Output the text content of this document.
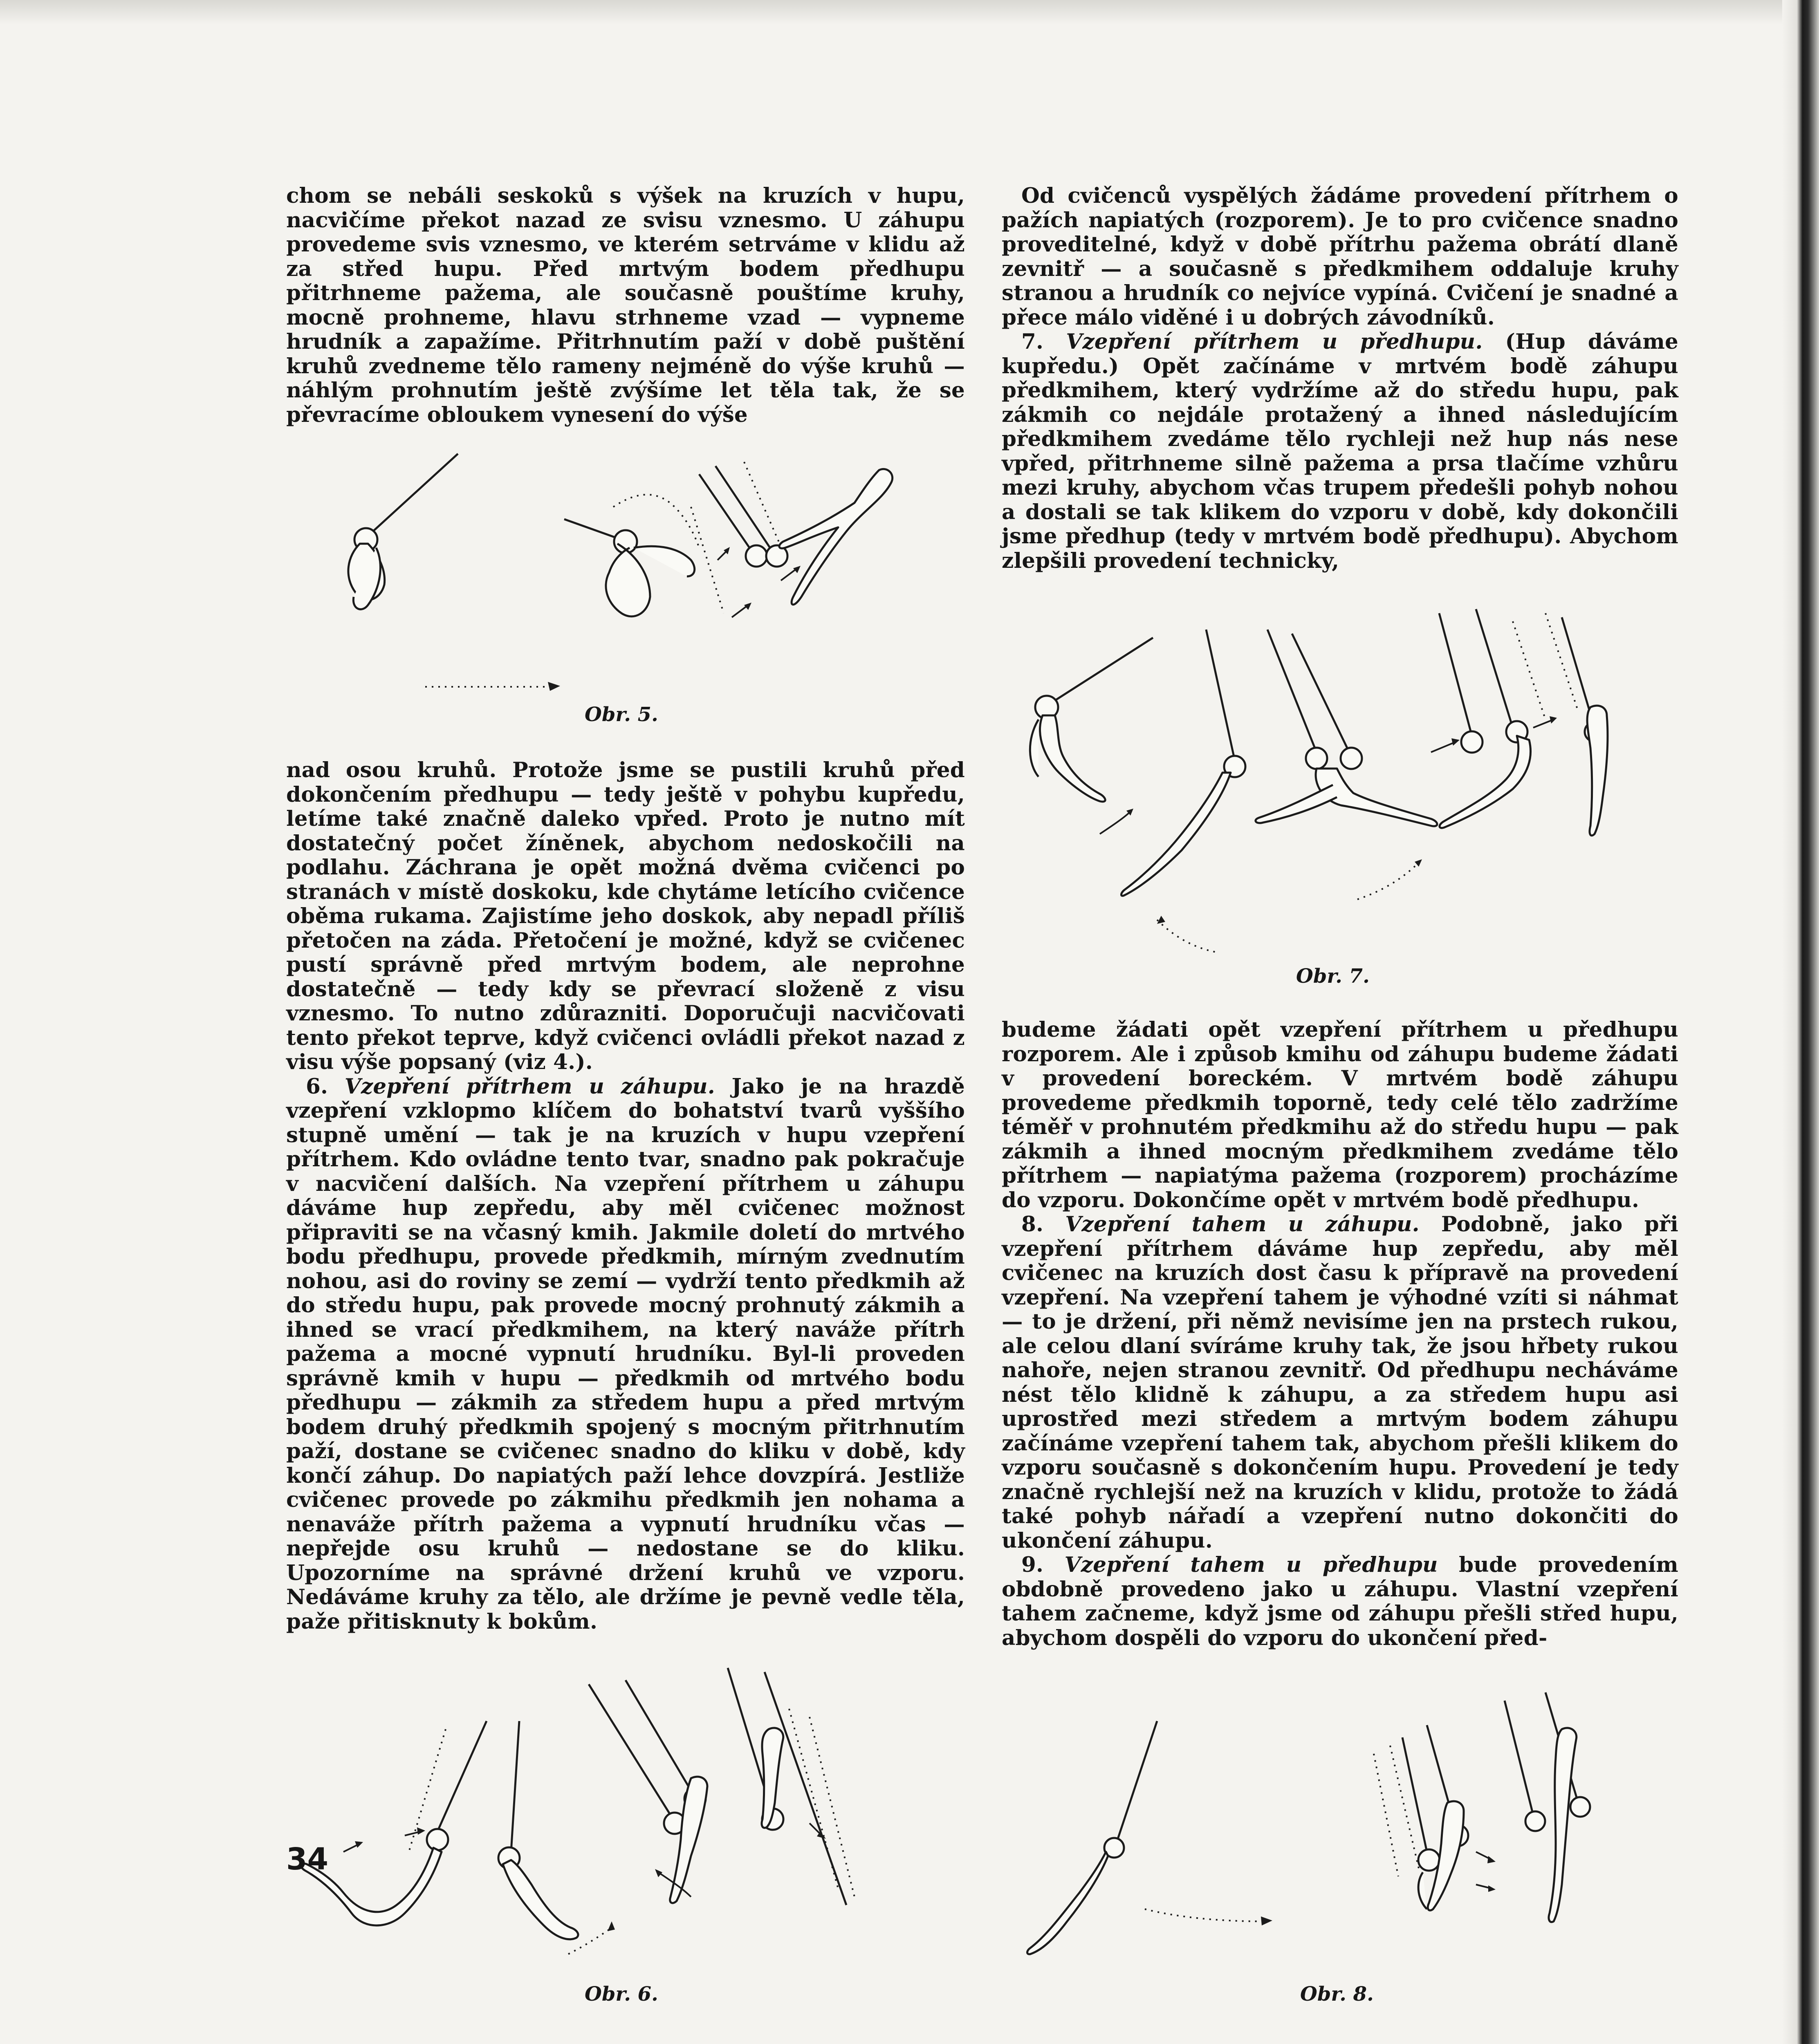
chom se nebáli seskoků s výšek na kruzích v hupu, nacvičíme překot nazad ze svisu vznesmo. U záhupu provedeme svis vznesmo, ve kterém setrváme v klidu až za střed hupu. Před mrtvým bodem předhupu přitrhneme pažema, ale současně pouštíme kruhy, mocně prohneme, hlavu strhneme vzad — vypneme hrudník a zapažíme. Přitrhnutím paží v době puštění kruhů zvedneme tělo rameny nejméně do výše kruhů — náhlým prohnutím ještě zvýšíme let těla tak, že se převracíme obloukem vynesení do výše

Obr. 5.

nad osou kruhů. Protože jsme se pustili kruhů před dokončením předhupu — tedy ještě v pohybu kupředu, letíme také značně daleko vpřed. Proto je nutno mít dostatečný počet žíněnek, abychom nedoskočili na podlahu. Záchrana je opět možná dvěma cvičenci po stranách v místě doskoku, kde chytáme letícího cvičence oběma rukama. Zajistíme jeho doskok, aby nepadl příliš přetočen na záda. Přetočení je možné, když se cvičenec pustí správně před mrtvým bodem, ale neprohne dostatečně — tedy kdy se převrací složeně z visu vznesmo. To nutno zdůrazniti. Doporučuji nacvičovati tento překot teprve, když cvičenci ovládli překot nazad z visu výše popsaný (viz 4.).

6. Vzepření přítrhem u záhupu. Jako je na hrazdě vzepření vzklopmo klíčem do bohatství tvarů vyššího stupně umění — tak je na kruzích v hupu vzepření přítrhem. Kdo ovládne tento tvar, snadno pak pokračuje v nacvičení dalších. Na vzepření přítrhem u záhupu dáváme hup zepředu, aby měl cvičenec možnost připraviti se na včasný kmih. Jakmile doletí do mrtvého bodu předhupu, provede předkmih, mírným zvednutím nohou, asi do roviny se zemí — vydrží tento předkmih až do středu hupu, pak provede mocný prohnutý zákmih a ihned se vrací předkmihem, na který naváže přítrh pažema a mocné vypnutí hrudníku. Byl-li proveden správně kmih v hupu — předkmih od mrtvého bodu předhupu — zákmih za středem hupu a před mrtvým bodem druhý předkmih spojený s mocným přitrhnutím paží, dostane se cvičenec snadno do kliku v době, kdy končí záhup. Do napiatých paží lehce dovzpírá. Jestliže cvičenec provede po zákmihu předkmih jen nohama a nenaváže přítrh pažema a vypnutí hrudníku včas — nepřejde osu kruhů — nedostane se do kliku. Upozorníme na správné držení kruhů ve vzporu. Nedáváme kruhy za tělo, ale držíme je pevně vedle těla, paže přitisknuty k bokům.

Od cvičenců vyspělých žádáme provedení přítrhem o pažích napiatých (rozporem). Je to pro cvičence snadno proveditelné, když v době přítrhu pažema obrátí dlaně zevnitř — a současně s předkmihem oddaluje kruhy stranou a hrudník co nejvíce vypíná. Cvičení je snadné a přece málo viděné i u dobrých závodníků.

7. Vzepření přítrhem u předhupu. (Hup dáváme kupředu.) Opět začínáme v mrtvém bodě záhupu předkmihem, který vydržíme až do středu hupu, pak zákmih co nejdále protažený a ihned následujícím předkmihem zvedáme tělo rychleji než hup nás nese vpřed, přitrhneme silně pažema a prsa tlačíme vzhůru mezi kruhy, abychom včas trupem předešli pohyb nohou a dostali se tak klikem do vzporu v době, kdy dokončili jsme předhup (tedy v mrtvém bodě předhupu). Abychom zlepšili provedení technicky,

Obr. 7.

budeme žádati opět vzepření přítrhem u předhupu rozporem. Ale i způsob kmihu od záhupu budeme žádati v provedení boreckém. V mrtvém bodě záhupu provedeme předkmih toporně, tedy celé tělo zadržíme téměř v prohnutém předkmihu až do středu hupu — pak zákmih a ihned mocným předkmihem zvedáme tělo přítrhem — napiatýma pažema (rozporem) procházíme do vzporu. Dokončíme opět v mrtvém bodě předhupu.

8. Vzepření tahem u záhupu. Podobně, jako při vzepření přítrhem dáváme hup zepředu, aby měl cvičenec na kruzích dost času k přípravě na provedení vzepření. Na vzepření tahem je výhodné vzíti si náhmat — to je držení, při němž nevisíme jen na prstech rukou, ale celou dlaní svíráme kruhy tak, že jsou hřbety rukou nahoře, nejen stranou zevnitř. Od předhupu necháváme nést tělo klidně k záhupu, a za středem hupu asi uprostřed mezi středem a mrtvým bodem záhupu začínáme vzepření tahem tak, abychom přešli klikem do vzporu současně s dokončením hupu. Provedení je tedy značně rychlejší než na kruzích v klidu, protože to žádá také pohyb nářadí a vzepření nutno dokončiti do ukončení záhupu.

9. Vzepření tahem u předhupu bude provedením obdobně provedeno jako u záhupu. Vlastní vzepření tahem začneme, když jsme od záhupu přešli střed hupu, abychom dospěli do vzporu do ukončení před-

Obr. 6.	Obr. 8.
34
